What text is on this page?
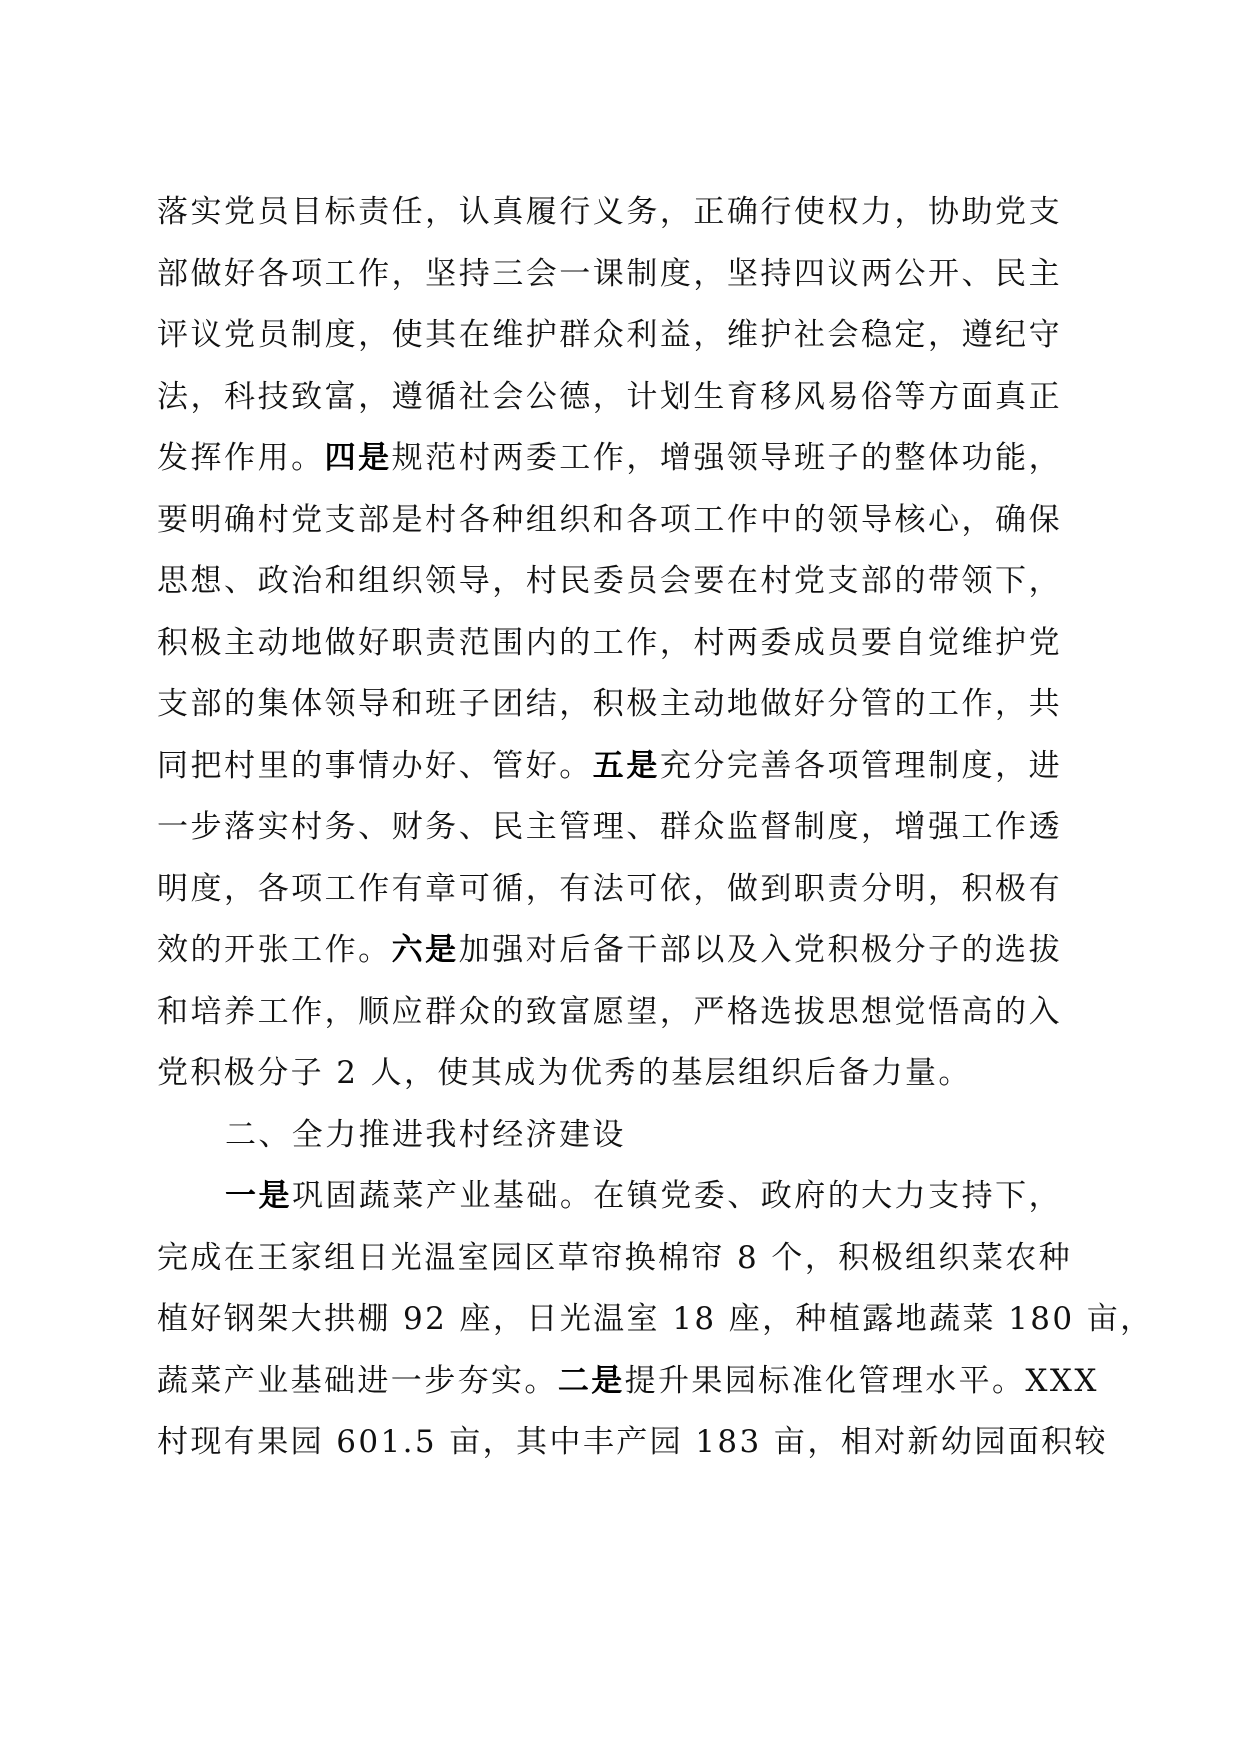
落实党员目标责任，认真履行义务，正确行使权力，协助党支
部做好各项工作，坚持三会一课制度，坚持四议两公开、民主
评议党员制度，使其在维护群众利益，维护社会稳定，遵纪守
法，科技致富，遵循社会公德，计划生育移风易俗等方面真正
发挥作用。四是规范村两委工作，增强领导班子的整体功能，
要明确村党支部是村各种组织和各项工作中的领导核心，确保
思想、政治和组织领导，村民委员会要在村党支部的带领下，
积极主动地做好职责范围内的工作，村两委成员要自觉维护党
支部的集体领导和班子团结，积极主动地做好分管的工作，共
同把村里的事情办好、管好。五是充分完善各项管理制度，进
一步落实村务、财务、民主管理、群众监督制度，增强工作透
明度，各项工作有章可循，有法可依，做到职责分明，积极有
效的开张工作。六是加强对后备干部以及入党积极分子的选拔
和培养工作，顺应群众的致富愿望，严格选拔思想觉悟高的入
党积极分子 2 人，使其成为优秀的基层组织后备力量。
二、全力推进我村经济建设
一是巩固蔬菜产业基础。在镇党委、政府的大力支持下，
完成在王家组日光温室园区草帘换棉帘 8 个，积极组织菜农种
植好钢架大拱棚 92 座，日光温室 18 座，种植露地蔬菜 180 亩，
蔬菜产业基础进一步夯实。二是提升果园标准化管理水平。XXX
村现有果园 601.5 亩，其中丰产园 183 亩，相对新幼园面积较
